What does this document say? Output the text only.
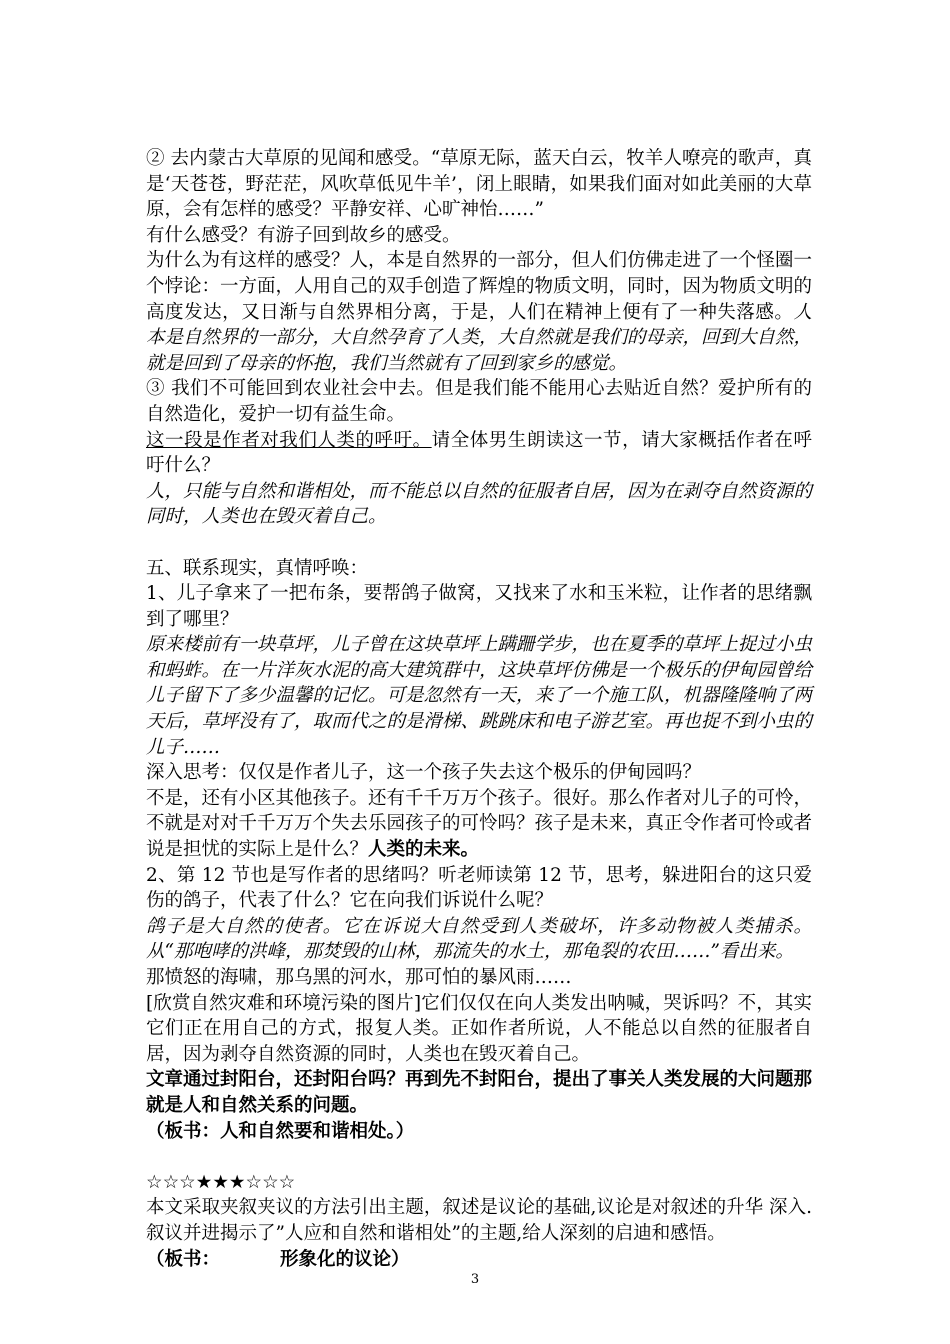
② 去内蒙古大草原的见闻和感受。“草原无际，蓝天白云，牧羊人嘹亮的歌声，真是‘天苍苍，野茫茫，风吹草低见牛羊’，闭上眼睛，如果我们面对如此美丽的大草原，会有怎样的感受？平静安祥、心旷神怡……”

有什么感受？有游子回到故乡的感受。

为什么为有这样的感受？人，本是自然界的一部分，但人们仿佛走进了一个怪圈一个悖论：一方面，人用自己的双手创造了辉煌的物质文明，同时，因为物质文明的高度发达，又日渐与自然界相分离，于是，人们在精神上便有了一种失落感。人本是自然界的一部分，大自然孕育了人类，大自然就是我们的母亲，回到大自然，就是回到了母亲的怀抱，我们当然就有了回到家乡的感觉。

③ 我们不可能回到农业社会中去。但是我们能不能用心去贴近自然？爱护所有的自然造化，爱护一切有益生命。

这一段是作者对我们人类的呼吁。请全体男生朗读这一节，请大家概括作者在呼吁什么？

人，只能与自然和谐相处，而不能总以自然的征服者自居，因为在剥夺自然资源的同时，人类也在毁灭着自己。

五、联系现实，真情呼唤：

1、儿子拿来了一把布条，要帮鸽子做窝，又找来了水和玉米粒，让作者的思绪飘到了哪里？

原来楼前有一块草坪，儿子曾在这块草坪上蹒跚学步，也在夏季的草坪上捉过小虫和蚂蚱。在一片洋灰水泥的高大建筑群中，这块草坪仿佛是一个极乐的伊甸园曾给儿子留下了多少温馨的记忆。可是忽然有一天，来了一个施工队，机器隆隆响了两天后，草坪没有了，取而代之的是滑梯、跳跳床和电子游艺室。再也捉不到小虫的儿子……

深入思考：仅仅是作者儿子，这一个孩子失去这个极乐的伊甸园吗？

不是，还有小区其他孩子。还有千千万万个孩子。很好。那么作者对儿子的可怜，不就是对对千千万万个失去乐园孩子的可怜吗？孩子是未来，真正令作者可怜或者说是担忧的实际上是什么？人类的未来。

2、第 12 节也是写作者的思绪吗？听老师读第 12 节，思考，躲进阳台的这只爱伤的鸽子，代表了什么？它在向我们诉说什么呢？

鸽子是大自然的使者。它在诉说大自然受到人类破坏，许多动物被人类捕杀。从“那咆哮的洪峰，那焚毁的山林，那流失的水土，那龟裂的农田……”看出来。

那愤怒的海啸，那乌黑的河水，那可怕的暴风雨……

[欣赏自然灾难和环境污染的图片]它们仅仅在向人类发出呐喊，哭诉吗？不，其实它们正在用自己的方式，报复人类。正如作者所说，人不能总以自然的征服者自居，因为剥夺自然资源的同时，人类也在毁灭着自己。

文章通过封阳台，还封阳台吗？再到先不封阳台，提出了事关人类发展的大问题那就是人和自然关系的问题。

（板书：人和自然要和谐相处。）

☆☆☆★★★☆☆☆

本文采取夹叙夹议的方法引出主题，叙述是议论的基础,议论是对叙述的升华 深入.叙议并进揭示了”人应和自然和谐相处”的主题,给人深刻的启迪和感悟。

（板书：	形象化的议论）

3
